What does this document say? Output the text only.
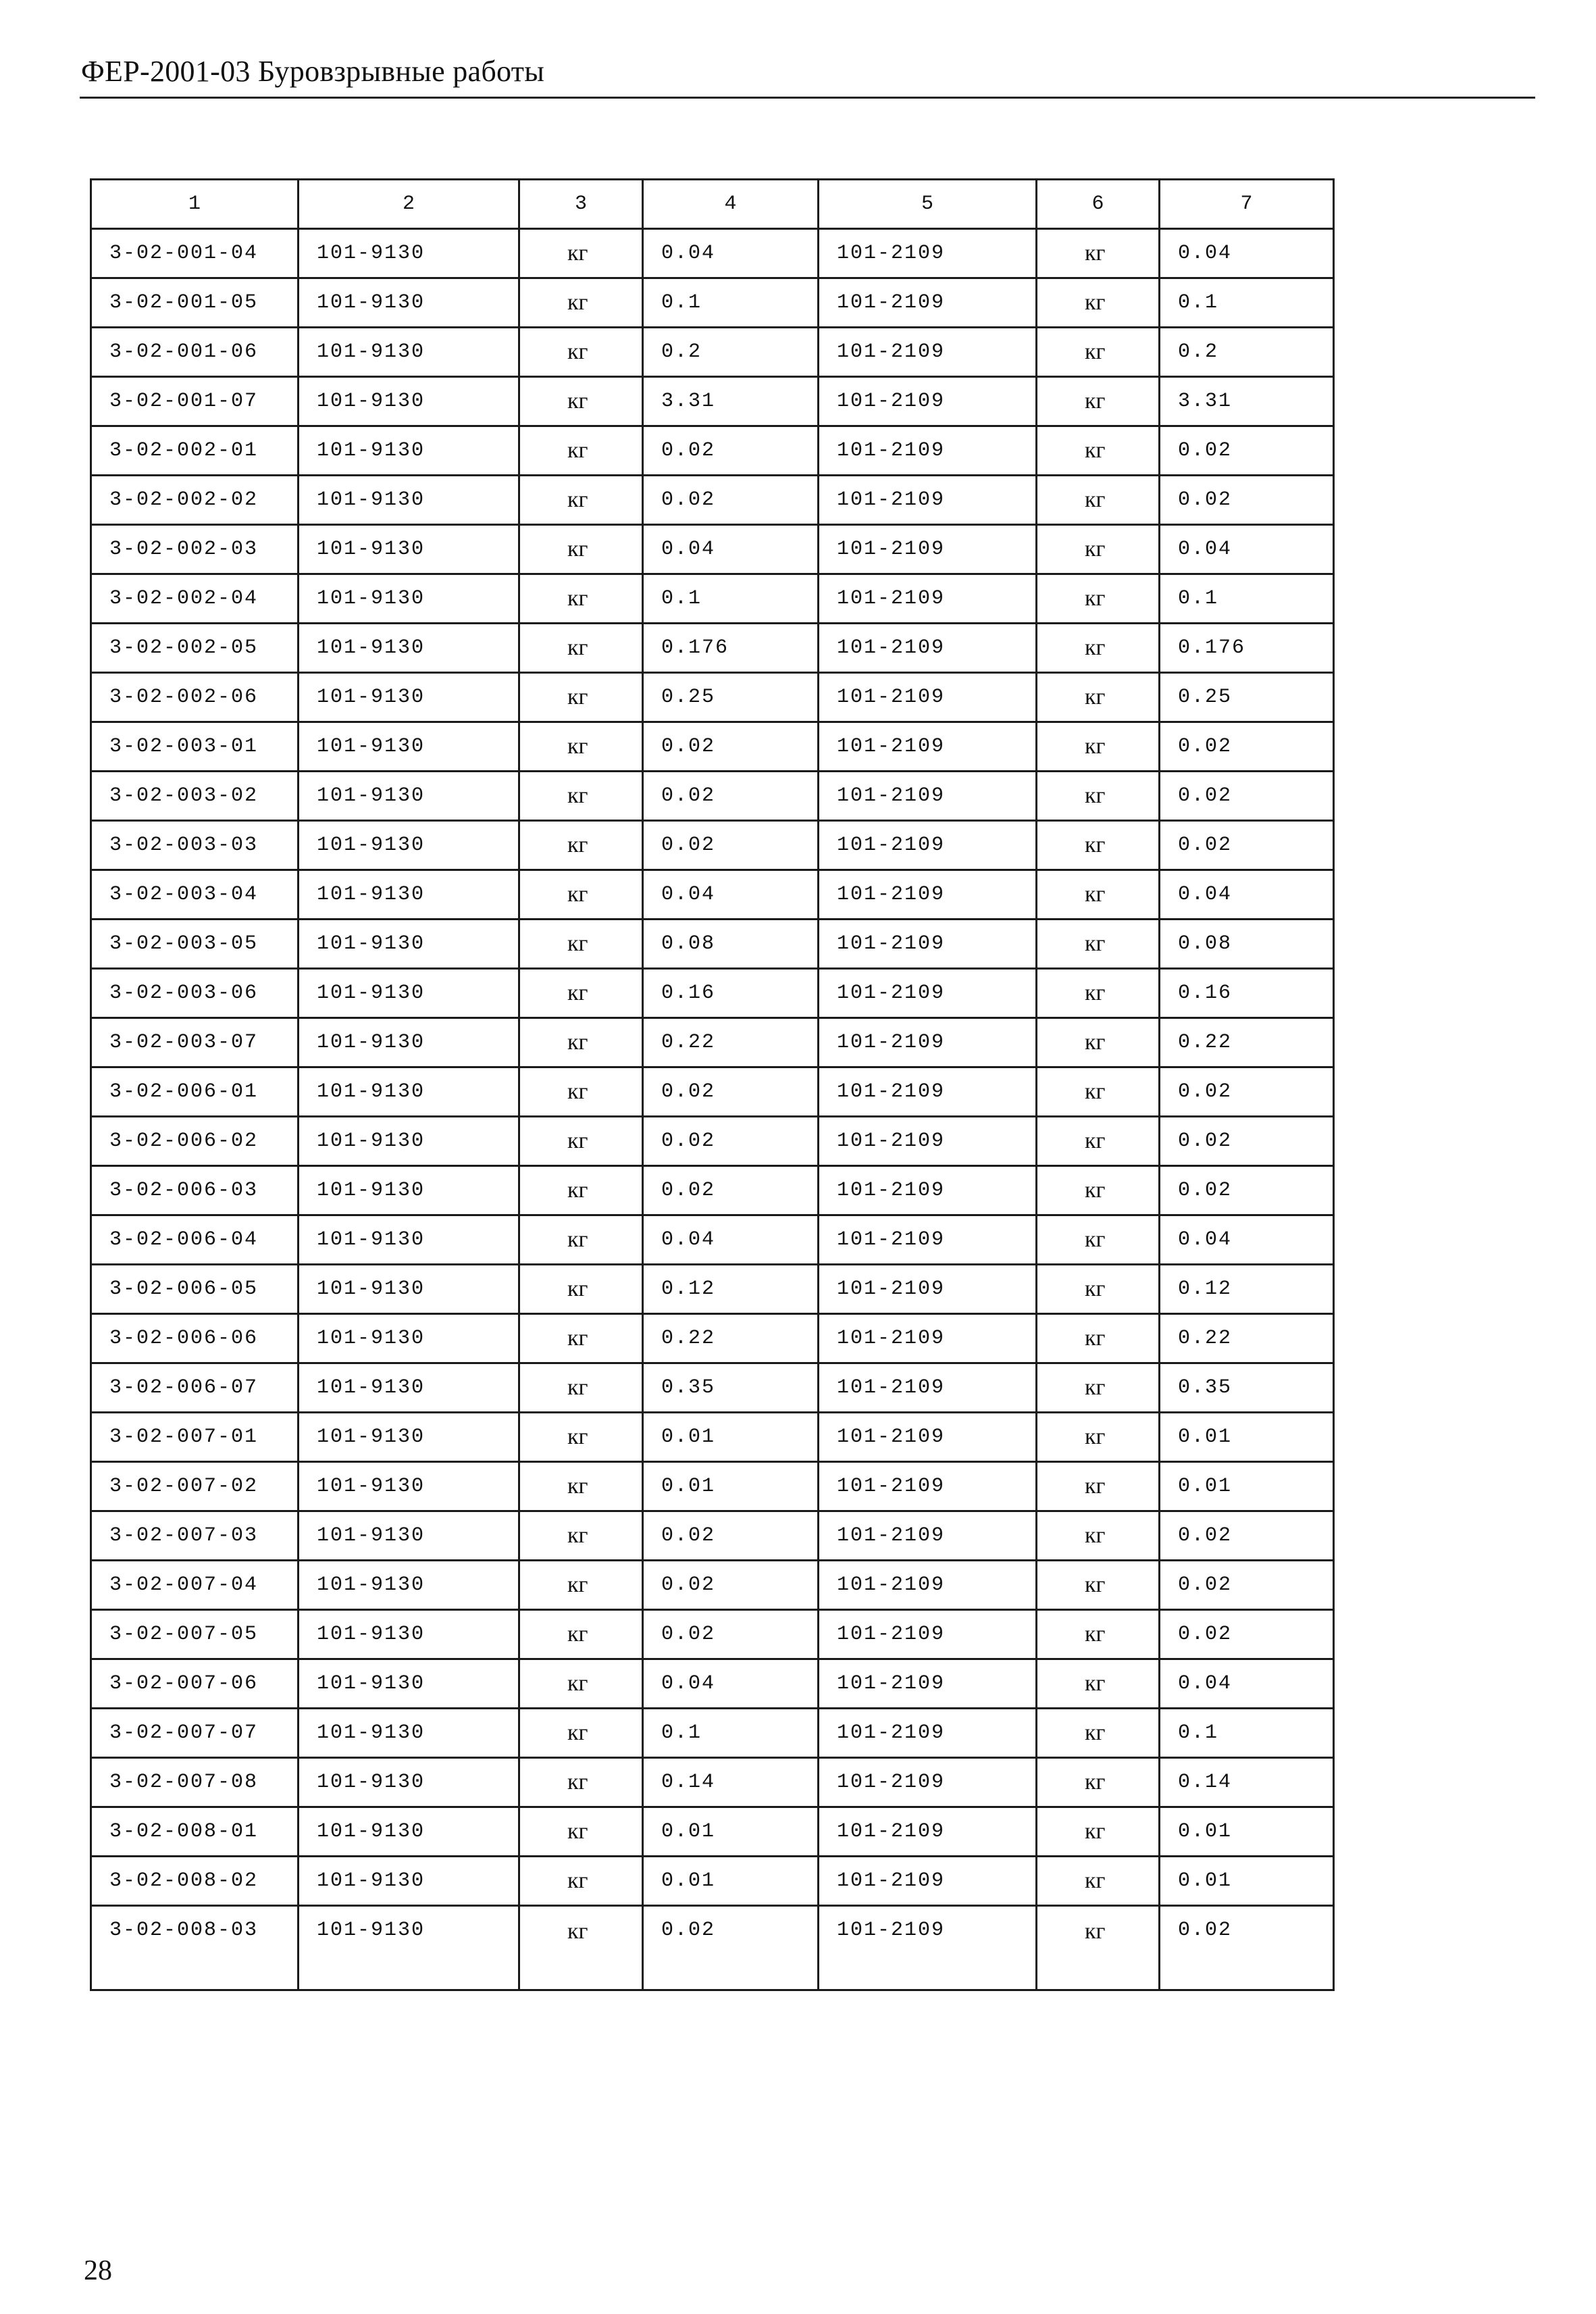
ФЕР-2001-03 Буровзрывные работы
1	2	3	4	5	6	7
3-02-001-04	101-9130	кг	0.04	101-2109	кг	0.04
3-02-001-05	101-9130	кг	0.1	101-2109	кг	0.1
3-02-001-06	101-9130	кг	0.2	101-2109	кг	0.2
3-02-001-07	101-9130	кг	3.31	101-2109	кг	3.31
3-02-002-01	101-9130	кг	0.02	101-2109	кг	0.02
3-02-002-02	101-9130	кг	0.02	101-2109	кг	0.02
3-02-002-03	101-9130	кг	0.04	101-2109	кг	0.04
3-02-002-04	101-9130	кг	0.1	101-2109	кг	0.1
3-02-002-05	101-9130	кг	0.176	101-2109	кг	0.176
3-02-002-06	101-9130	кг	0.25	101-2109	кг	0.25
3-02-003-01	101-9130	кг	0.02	101-2109	кг	0.02
3-02-003-02	101-9130	кг	0.02	101-2109	кг	0.02
3-02-003-03	101-9130	кг	0.02	101-2109	кг	0.02
3-02-003-04	101-9130	кг	0.04	101-2109	кг	0.04
3-02-003-05	101-9130	кг	0.08	101-2109	кг	0.08
3-02-003-06	101-9130	кг	0.16	101-2109	кг	0.16
3-02-003-07	101-9130	кг	0.22	101-2109	кг	0.22
3-02-006-01	101-9130	кг	0.02	101-2109	кг	0.02
3-02-006-02	101-9130	кг	0.02	101-2109	кг	0.02
3-02-006-03	101-9130	кг	0.02	101-2109	кг	0.02
3-02-006-04	101-9130	кг	0.04	101-2109	кг	0.04
3-02-006-05	101-9130	кг	0.12	101-2109	кг	0.12
3-02-006-06	101-9130	кг	0.22	101-2109	кг	0.22
3-02-006-07	101-9130	кг	0.35	101-2109	кг	0.35
3-02-007-01	101-9130	кг	0.01	101-2109	кг	0.01
3-02-007-02	101-9130	кг	0.01	101-2109	кг	0.01
3-02-007-03	101-9130	кг	0.02	101-2109	кг	0.02
3-02-007-04	101-9130	кг	0.02	101-2109	кг	0.02
3-02-007-05	101-9130	кг	0.02	101-2109	кг	0.02
3-02-007-06	101-9130	кг	0.04	101-2109	кг	0.04
3-02-007-07	101-9130	кг	0.1	101-2109	кг	0.1
3-02-007-08	101-9130	кг	0.14	101-2109	кг	0.14
3-02-008-01	101-9130	кг	0.01	101-2109	кг	0.01
3-02-008-02	101-9130	кг	0.01	101-2109	кг	0.01
3-02-008-03	101-9130	кг	0.02	101-2109	кг	0.02
28
